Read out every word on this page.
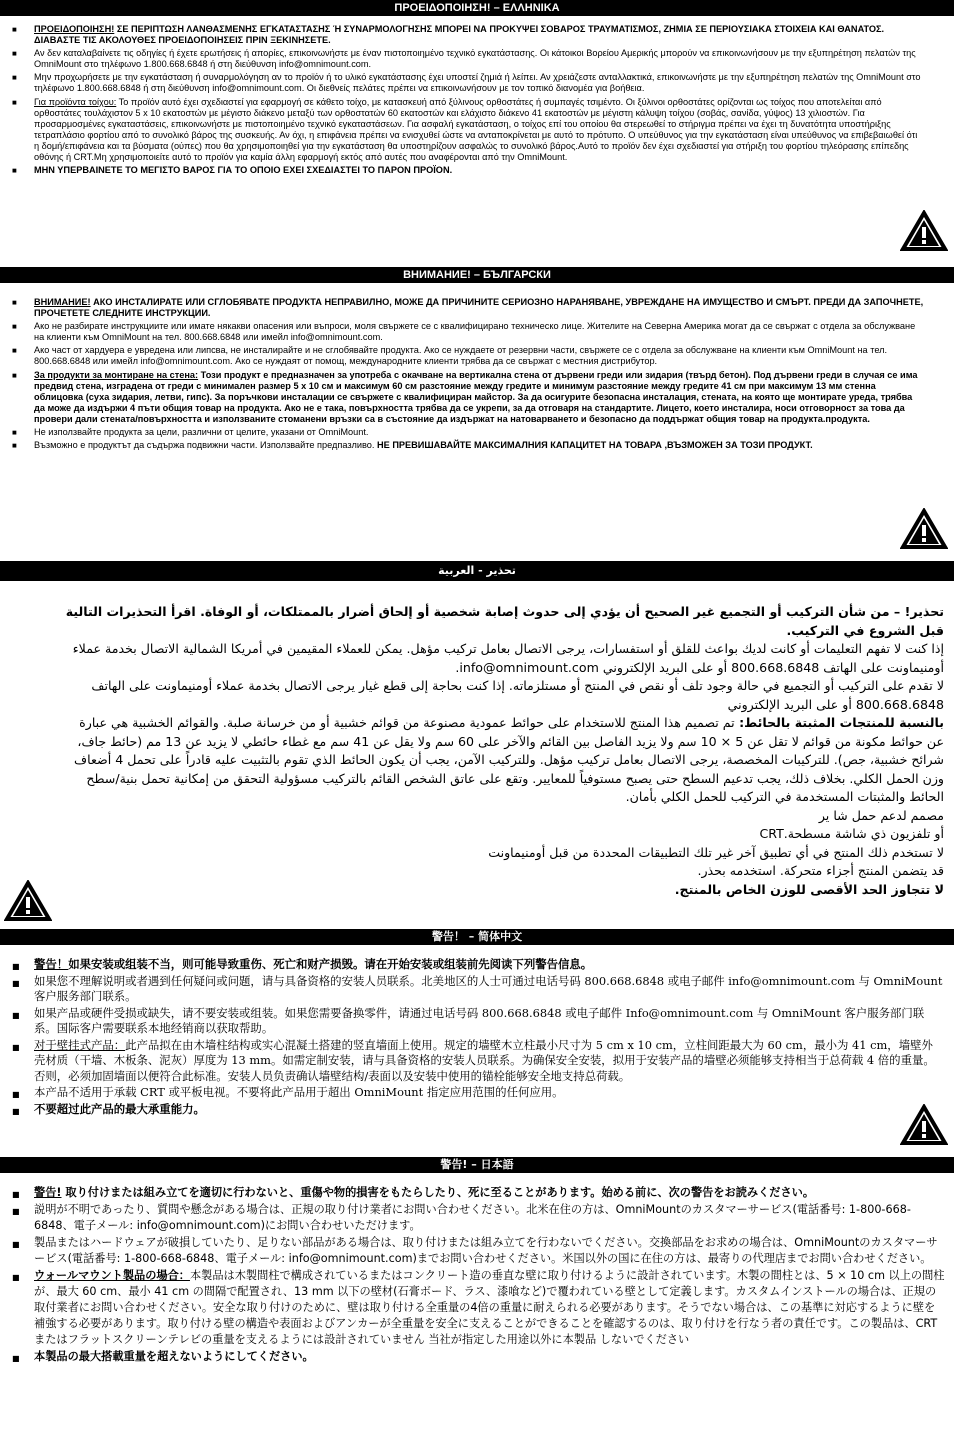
ΠΡΟΕΙΔΟΠΟΙΗΣΗ! – ΕΛΛΗΝΙΚΑ
■ ΠΡΟΕΙΔΟΠΟΙΗΣΗ! ΣΕ ΠΕΡΙΠΤΩΣΗ ΛΑΝΘΑΣΜΕΝΗΣ ΕΓΚΑΤΑΣΤΑΣΗΣ Ή ΣΥΝΑΡΜΟΛΟΓΗΣΗΣ ΜΠΟΡΕΙ ΝΑ ΠΡΟΚΥΨΕΙ ΣΟΒΑΡΟΣ ΤΡΑΥΜΑΤΙΣΜΟΣ, ΖΗΜΙΑ ΣΕ ΠΕΡΙΟΥΣΙΑΚΑ ΣΤΟΙΧΕΙΑ ΚΑΙ ΘΑΝΑΤΟΣ. ΔΙΑΒΑΣΤΕ ΤΙΣ ΑΚΟΛΟΥΘΕΣ ΠΡΟΕΙΔΟΠΟΙΗΣΕΙΣ ΠΡΙΝ ΞΕΚΙΝΗΣΕΤΕ.
■ Αν δεν καταλαβαίνετε τις οδηγίες ή έχετε ερωτήσεις ή απορίες, επικοινωνήστε με έναν πιστοποιημένο τεχνικό εγκατάστασης. Οι κάτοικοι Βορείου Αμερικής μπορούν να επικοινωνήσουν με την εξυπηρέτηση πελατών της OmniMount στο τηλέφωνο 1.800.668.6848 ή στη διεύθυνση info@omnimount.com.
■ Μην προχωρήσετε με την εγκατάσταση ή συναρμολόγηση αν το προϊόν ή το υλικό εγκατάστασης έχει υποστεί ζημιά ή λείπει. Αν χρειάζεστε ανταλλακτικά, επικοινωνήστε με την εξυπηρέτηση πελατών της OmniMount στο τηλέφωνο 1.800.668.6848 ή στη διεύθυνση info@omnimount.com. Οι διεθνείς πελάτες πρέπει να επικοινωνήσουν με τον τοπικό διανομέα για βοήθεια.
■ Για προϊόντα τοίχου: Το προϊόν αυτό έχει σχεδιαστεί για εφαρμογή σε κάθετο τοίχο, με κατασκευή από ξύλινους ορθοστάτες ή συμπαγές τσιμέντο. Οι ξύλινοι ορθοστάτες ορίζονται ως τοίχος που αποτελείται από ορθοστάτες τουλάχιστον 5 x 10 εκατοστών με μέγιστο διάκενο μεταξύ των ορθοστατών 60 εκατοστών και ελάχιστο διάκενο 41 εκατοστών με μέγιστη κάλυψη τοίχου (σοβάς, σανίδα, γύψος) 13 χιλιοστών. Για προσαρμοσμένες εγκαταστάσεις, επικοινωνήστε με πιστοποιημένο τεχνικό εγκαταστάσεων. Για ασφαλή εγκατάσταση, ο τοίχος επί του οποίου θα στερεωθεί το στήριγμα πρέπει να έχει τη δυνατότητα υποστήριξης τετραπλάσιο φορτίου από το συνολικό βάρος της συσκευής. Αν όχι, η επιφάνεια πρέπει να ενισχυθεί ώστε να ανταποκρίνεται με αυτό το πρότυπο. Ο υπεύθυνος για την εγκατάσταση είναι υπεύθυνος να επιβεβαιωθεί ότι η δομή/επιφάνεια και τα βύσματα (ούπες) που θα χρησιμοποιηθεί για την εγκατάσταση θα υποστηρίζουν ασφαλώς το συνολικό βάρος.Αυτό το προϊόν δεν έχει σχεδιαστεί για στήριξη του φορτίου τηλεόρασης επίπεδης οθόνης ή CRT.Μη χρησιμοποιείτε αυτό το προϊόν για καμία άλλη εφαρμογή εκτός από αυτές που αναφέρονται από την OmniMount.
■ ΜΗΝ ΥΠΕΡΒΑΙΝΕΤΕ ΤΟ ΜΕΓΙΣΤΟ ΒΑΡΟΣ ΓΙΑ ΤΟ ΟΠΟΙΟ ΕΧΕΙ ΣΧΕΔΙΑΣΤΕΙ ΤΟ ΠΑΡΟΝ ΠΡΟΪΟΝ.
ВНИМАНИЕ! – БЪЛГАРСКИ
■ ВНИМАНИЕ! АКО ИНСТАЛИРАТЕ ИЛИ СГЛОБЯВАТЕ ПРОДУКТА НЕПРАВИЛНО, МОЖЕ ДА ПРИЧИНИТЕ СЕРИОЗНО НАРАНЯВАНЕ, УВРЕЖДАНЕ НА ИМУЩЕСТВО И СМЪРТ. ПРЕДИ ДА ЗАПОЧНЕТЕ, ПРОЧЕТЕТЕ СЛЕДНИТЕ ИНСТРУКЦИИ.
■ Ако не разбирате инструкциите или имате някакви опасения или въпроси, моля свържете се с квалифицирано техническо лице. Жителите на Северна Америка могат да се свържат с отдела за обслужване на клиенти към OmniMount на тел. 800.668.6848 или имейл info@omnimount.com.
■ Ако част от хардуера е увредена или липсва, не инсталирайте и не сглобявайте продукта. Ако се нуждаете от резервни части, свържете се с отдела за обслужване на клиенти към OmniMount на тел. 800.668.6848 или имейл info@omnimount.com. Ако се нуждаят от помощ, международните клиенти трябва да се свържат с местния дистрибутор.
■ За продукти за монтиране на стена: Този продукт е предназначен за употреба с окачване на вертикална стена от дървени греди или зидария (твърд бетон). Под дървени греди в случая се има предвид стена, изградена от греди с минимален размер 5 x 10 см и максимум 60 см разстояние между гредите и минимум разстояние между гредите 41 см при максимум 13 мм стенна облицовка (суха зидария, летви, гипс). За поръчкови инсталации се свържете с квалифициран майстор. За да осигурите безопасна инсталация, стената, на която ще монтирате уреда, трябва да може да издържи 4 пъти общия товар на продукта. Ако не е така, повърхността трябва да се укрепи, за да отговаря на стандартите. Лицето, което инсталира, носи отговорност за това да провери дали стената/повърхността и използваните стоманени връзки са в състояние да издържат на натоварването и безопасно да поддържат общия товар на продукта.продукта.
■ Не използвайте продукта за цели, различни от целите, указани от OmniMount.
■ Възможно е продуктът да съдържа подвижни части. Използвайте предпазливо. НЕ ПРЕВИШАВАЙТЕ МАКСИМАЛНИЯ КАПАЦИТЕТ НА ТОВАРА ,ВЪЗМОЖЕН ЗА ТОЗИ ПРОДУКТ.
تحذير - العربية

تحذير! – من شأن التركيب أو التجميع غير الصحيح أن يؤدي إلى حدوث إصابة شخصية أو إلحاق أضرار بالممتلكات، أو الوفاة. اقرأ التحذيرات التالية قبل الشروع في التركيب.

إذا كنت لا تفهم التعليمات أو كانت لديك بواعث للقلق أو استفسارات، يرجى الاتصال بعامل تركيب مؤهل. يمكن للعملاء المقيمين في أمريكا الشمالية الاتصال بخدمة عملاء أومنيماونت على الهاتف 800.668.6848 أو على البريد الإلكتروني info@omnimount.com.

لا تقدم على التركيب أو التجميع في حالة وجود تلف أو نقص في المنتج أو مستلزماته. إذا كنت بحاجة إلى قطع غيار يرجى الاتصال بخدمة عملاء أومنيماونت على الهاتف 800.668.6848 أو على البريد الإلكتروني

بالنسبة للمنتجات المثبتة بالحائط: تم تصميم هذا المنتج للاستخدام على حوائط عمودية مصنوعة من قوائم خشبية أو من خرسانة صلبة. والقوائم الخشبية هي عبارة عن حوائط مكونة من قوائم لا تقل عن 5 × 10 سم ولا يزيد الفاصل بين القائم والآخر على 60 سم ولا يقل عن 41 سم مع غطاء حائطي لا يزيد عن 13 مم (حائط جاف، شرائح خشبية، جص). للتركيبات المخصصة، يرجى الاتصال بعامل تركيب مؤهل. وللتركيب الآمن، يجب أن يكون الحائط الذي تقوم بالتثبيت عليه قادراً على تحمل 4 أضعاف وزن الحمل الكلي. بخلاف ذلك، يجب تدعيم السطح حتى يصبح مستوفياً للمعايير. وتقع على عاتق الشخص القائم بالتركيب مسؤولية التحقق من إمكانية تحمل بنية/سطح الحائط والمثبتات المستخدمة في التركيب للحمل الكلي بأمان.

مصمم لدعم حمل شا ير

أو تلفزيون ذي شاشة مسطحة.CRT

لا تستخدم ذلك المنتج في أي تطبيق آخر غير تلك التطبيقات المحددة من قبل أومنيماونت

قد يتضمن المنتج أجزاء متحركة. استخدمه بحذر.

لا تتجاوز الحد الأقصى للوزن الخاص بالمنتج.

警告！ – 简体中文
■ 警告！如果安装或组装不当，则可能导致重伤、死亡和财产损毁。请在开始安装或组装前先阅读下列警告信息。
■ 如果您不理解说明或者遇到任何疑问或问题，请与具备资格的安装人员联系。北美地区的人士可通过电话号码 800.668.6848 或电子邮件 info@omnimount.com 与 OmniMount 客户服务部门联系。
■ 如果产品或硬件受损或缺失，请不要安装或组装。如果您需要备换零件，请通过电话号码 800.668.6848 或电子邮件 Info@omnimount.com 与 OmniMount 客户服务部门联系。国际客户需要联系本地经销商以获取帮助。
■ 对于壁挂式产品：此产品拟在由木墙柱结构或实心混凝土搭建的竖直墙面上使用。规定的墙壁木立柱最小尺寸为 5 cm x 10 cm，立柱间距最大为 60 cm，最小为 41 cm，墙壁外壳材质（干墙、木板条、泥灰）厚度为 13 mm。如需定制安装，请与具备资格的安装人员联系。为确保安全安装，拟用于安装产品的墙壁必须能够支持相当于总荷载 4 倍的重量。否则，必须加固墙面以便符合此标准。安装人员负责确认墙壁结构/表面以及安装中使用的锚栓能够安全地支持总荷载。
■ 本产品不适用于承载 CRT 或平板电视。不要将此产品用于超出 OmniMount 指定应用范围的任何应用。
■ 不要超过此产品的最大承重能力。
警告! – 日本語
■ 警告! 取り付けまたは組み立てを適切に行わないと、重傷や物的損害をもたらしたり、死に至ることがあります。始める前に、次の警告をお読みください。
■ 説明が不明であったり、質問や懸念がある場合は、正規の取り付け業者にお問い合わせください。北米在住の方は、OmniMountのカスタマーサービス(電話番号: 1-800-668-6848、電子メール: info@omnimount.com)にお問い合わせいただけます。
■ 製品またはハードウェアが破損していたり、足りない部品がある場合は、取り付けまたは組み立てを行わないでください。交換部品をお求めの場合は、OmniMountのカスタマーサービス(電話番号: 1-800-668-6848、電子メール: info@omnimount.com)までお問い合わせください。米国以外の国に在住の方は、最寄りの代理店までお問い合わせください。
■ ウォールマウント製品の場合：本製品は木製間柱で構成されているまたはコンクリート造の垂直な壁に取り付けるように設計されています。木製の間柱とは、5 × 10 cm 以上の間柱が、最大 60 cm、最小 41 cm の間隔で配置され、13 mm 以下の壁材(石膏ボード、ラス、漆喰など)で覆われている壁として定義します。カスタムインストールの場合は、正規の取付業者にお問い合わせください。安全な取り付けのために、壁は取り付ける全重量の4倍の重量に耐えられる必要があります。そうでない場合は、この基準に対応するように壁を補強する必要があります。取り付ける壁の構造や表面およびアンカーが全重量を安全に支えることができることを確認するのは、取り付けを行なう者の責任です。この製品は、CRT またはフラットスクリーンテレビの重量を支えるようには設計されていません 当社が指定した用途以外に本製品 しないでください
■ 本製品の最大搭載重量を超えないようにしてください。
